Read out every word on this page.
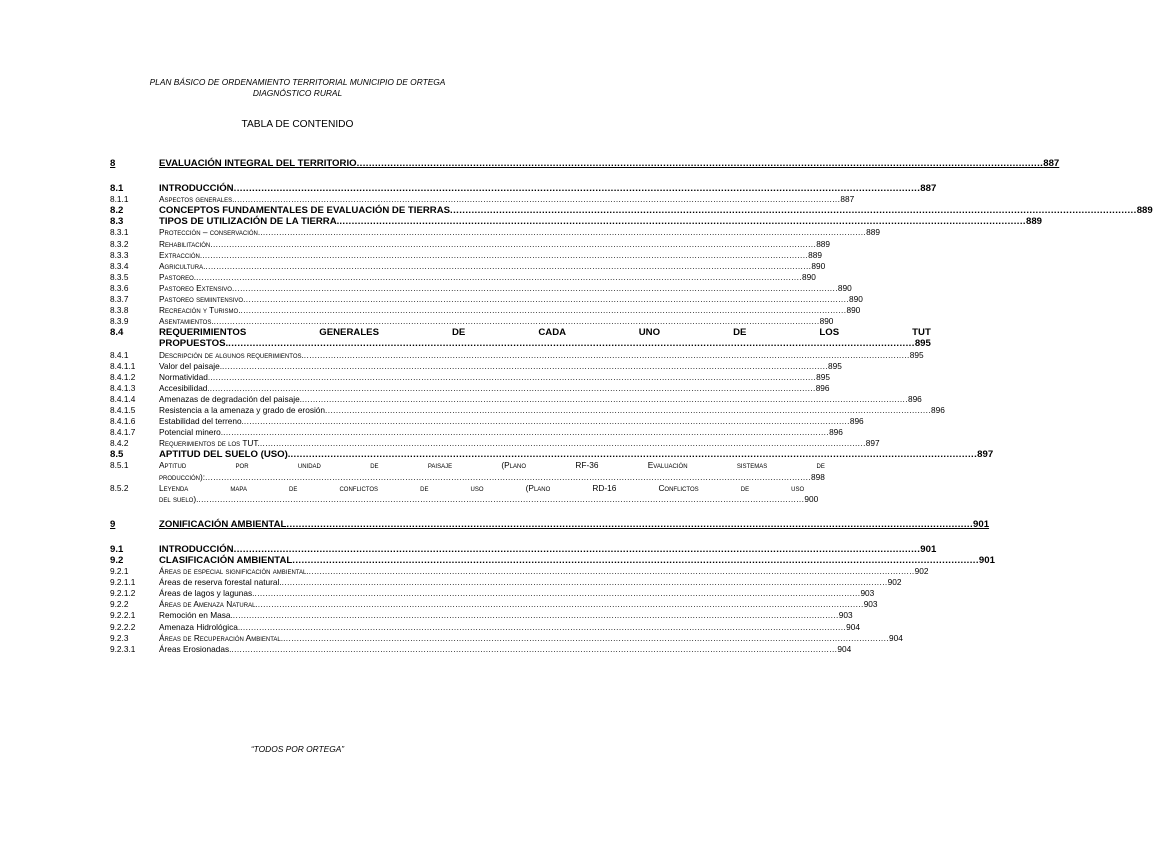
PLAN BÁSICO DE ORDENAMIENTO TERRITORIAL MUNICIPIO DE ORTEGA
DIAGNÓSTICO RURAL
TABLA DE CONTENIDO
8	EVALUACIÓN INTEGRAL DEL TERRITORIO .....	887
8.1	INTRODUCCIÓN .....	887
8.1.1	Aspectos generales. .....	887
8.2	CONCEPTOS FUNDAMENTALES DE EVALUACIÓN DE TIERRAS .....	889
8.3	TIPOS DE UTILIZACIÓN DE LA TIERRA. .....	889
8.3.1	Protección – conservación. .....	889
8.3.2	Rehabilitación .....	889
8.3.3	Extracción. .....	889
8.3.4	Agricultura. .....	890
8.3.5	Pastoreo. .....	890
8.3.6	Pastoreo Extensivo .....	890
8.3.7	Pastoreo semiintensivo .....	890
8.3.8	Recreación y Turismo. .....	890
8.3.9	Asentamientos. .....	890
8.4	REQUERIMIENTOS GENERALES DE CADA UNO DE LOS TUT
PROPUESTOS. .....	895
8.4.1	Descripción de algunos requerimientos. .....	895
8.4.1.1	Valor del paisaje. .....	895
8.4.1.2	Normatividad. .....	895
8.4.1.3	Accesibilidad. .....	896
8.4.1.4	Amenazas de degradación del paisaje. .....	896
8.4.1.5	Resistencia a la amenaza y grado de erosión .....	896
8.4.1.6	Estabilidad del terreno. .....	896
8.4.1.7	Potencial minero. .....	896
8.4.2	Requerimientos de los TUT. .....	897
8.5	APTITUD DEL SUELO (USO). .....	897
8.5.1	Aptitud por unidad de paisaje (Plano RF-36 Evaluación sistemas de
producción): .....	898
8.5.2	Leyenda mapa de conflictos de uso (Plano RD-16 Conflictos de uso
del suelo). .....	900
9	ZONIFICACIÓN AMBIENTAL .....	901
9.1	INTRODUCCIÓN .....	901
9.2	CLASIFICACIÓN AMBIENTAL .....	901
9.2.1	Áreas de especial significación ambiental. .....	902
9.2.1.1	Áreas de reserva forestal natural. .....	902
9.2.1.2	Áreas de lagos y lagunas. .....	903
9.2.2	Áreas de Amenaza Natural. .....	903
9.2.2.1	Remoción en Masa. .....	903
9.2.2.2	Amenaza Hidrológica. .....	904
9.2.3	Áreas de Recuperación Ambiental. .....	904
9.2.3.1	Áreas Erosionadas. .....	904
“TODOS POR ORTEGA”
